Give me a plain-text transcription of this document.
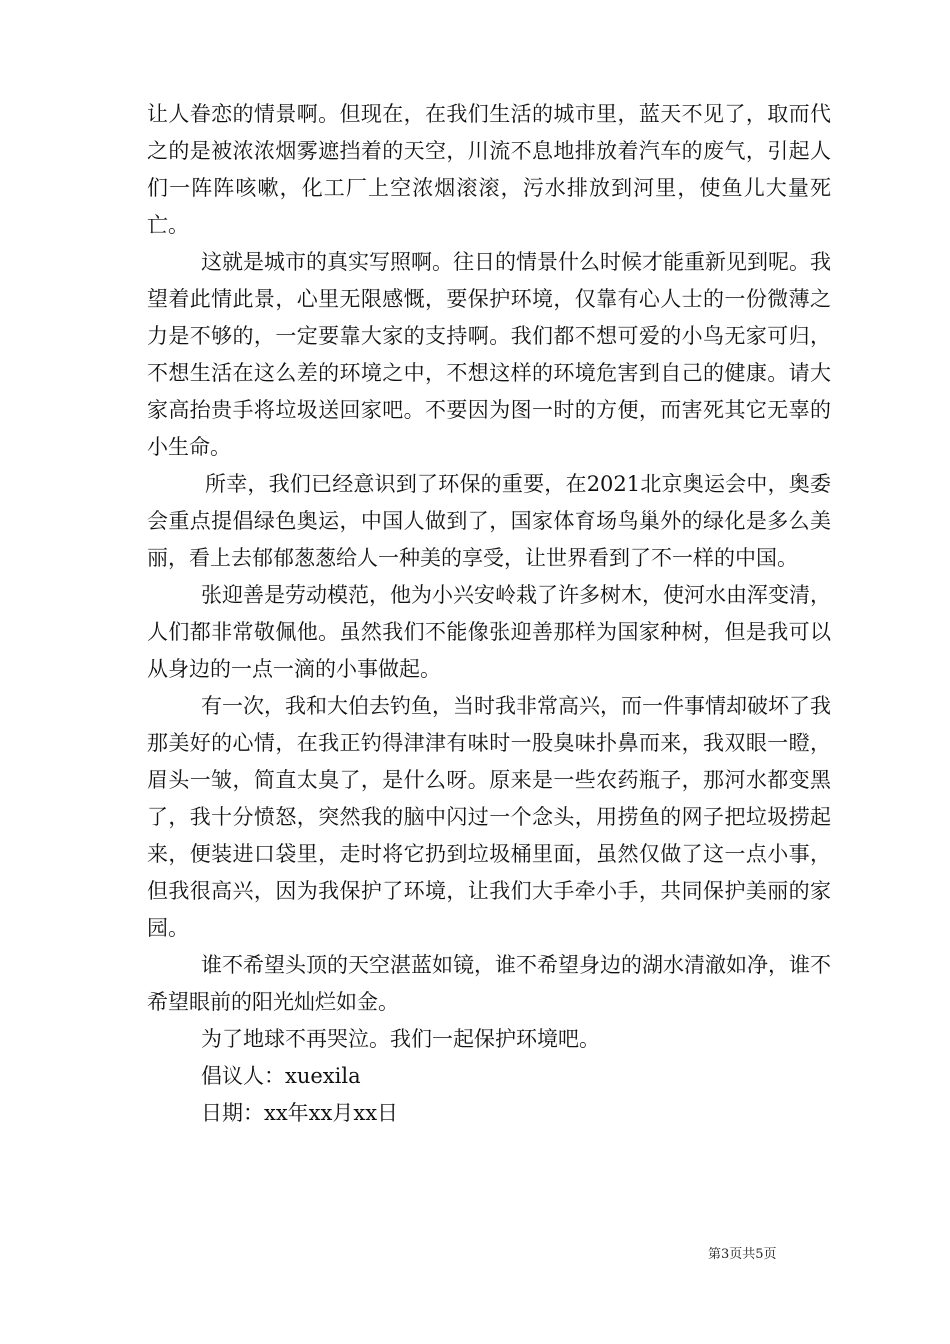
让人眷恋的情景啊。但现在，在我们生活的城市里，蓝天不见了，取而代之的是被浓浓烟雾遮挡着的天空，川流不息地排放着汽车的废气，引起人们一阵阵咳嗽，化工厂上空浓烟滚滚，污水排放到河里，使鱼儿大量死亡。

这就是城市的真实写照啊。往日的情景什么时候才能重新见到呢。我望着此情此景，心里无限感慨，要保护环境，仅靠有心人士的一份微薄之力是不够的，一定要靠大家的支持啊。我们都不想可爱的小鸟无家可归，不想生活在这么差的环境之中，不想这样的环境危害到自己的健康。请大家高抬贵手将垃圾送回家吧。不要因为图一时的方便，而害死其它无辜的小生命。

所幸，我们已经意识到了环保的重要，在2021北京奥运会中，奥委会重点提倡绿色奥运，中国人做到了，国家体育场鸟巢外的绿化是多么美丽，看上去郁郁葱葱给人一种美的享受，让世界看到了不一样的中国。

张迎善是劳动模范，他为小兴安岭栽了许多树木，使河水由浑变清，人们都非常敬佩他。虽然我们不能像张迎善那样为国家种树，但是我可以从身边的一点一滴的小事做起。

有一次，我和大伯去钓鱼，当时我非常高兴，而一件事情却破坏了我那美好的心情，在我正钓得津津有味时一股臭味扑鼻而来，我双眼一瞪，眉头一皱，简直太臭了，是什么呀。原来是一些农药瓶子，那河水都变黑了，我十分愤怒，突然我的脑中闪过一个念头，用捞鱼的网子把垃圾捞起来，便装进口袋里，走时将它扔到垃圾桶里面，虽然仅做了这一点小事，但我很高兴，因为我保护了环境，让我们大手牵小手，共同保护美丽的家园。

谁不希望头顶的天空湛蓝如镜，谁不希望身边的湖水清澈如净，谁不希望眼前的阳光灿烂如金。

为了地球不再哭泣。我们一起保护环境吧。

倡议人：xuexila

日期：xx年xx月xx日

第3页共5页
